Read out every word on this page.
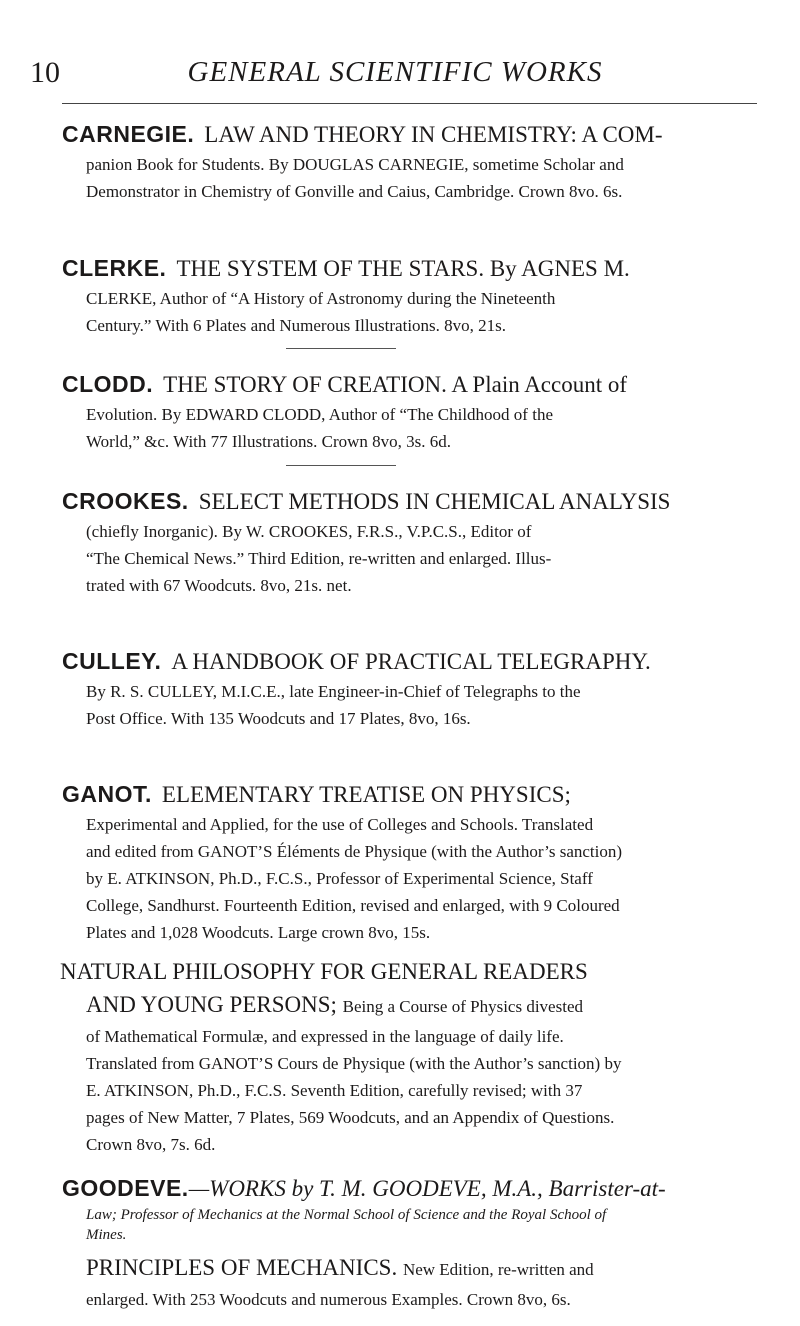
10	GENERAL SCIENTIFIC WORKS
CARNEGIE. LAW AND THEORY IN CHEMISTRY: A COM-
panion Book for Students. By DOUGLAS CARNEGIE, sometime Scholar and
Demonstrator in Chemistry of Gonville and Caius, Cambridge. Crown 8vo. 6s.
CLERKE. THE SYSTEM OF THE STARS. By AGNES M.
CLERKE, Author of “A History of Astronomy during the Nineteenth
Century.” With 6 Plates and Numerous Illustrations. 8vo, 21s.
CLODD. THE STORY OF CREATION. A Plain Account of
Evolution. By EDWARD CLODD, Author of “The Childhood of the
World,” &c. With 77 Illustrations. Crown 8vo, 3s. 6d.
CROOKES. SELECT METHODS IN CHEMICAL ANALYSIS
(chiefly Inorganic). By W. CROOKES, F.R.S., V.P.C.S., Editor of
“The Chemical News.” Third Edition, re-written and enlarged. Illus-
trated with 67 Woodcuts. 8vo, 21s. net.
CULLEY. A HANDBOOK OF PRACTICAL TELEGRAPHY.
By R. S. CULLEY, M.I.C.E., late Engineer-in-Chief of Telegraphs to the
Post Office. With 135 Woodcuts and 17 Plates, 8vo, 16s.
GANOT. ELEMENTARY TREATISE ON PHYSICS;
Experimental and Applied, for the use of Colleges and Schools. Translated
and edited from GANOT’S Éléments de Physique (with the Author’s sanction)
by E. ATKINSON, Ph.D., F.C.S., Professor of Experimental Science, Staff
College, Sandhurst. Fourteenth Edition, revised and enlarged, with 9 Coloured
Plates and 1,028 Woodcuts. Large crown 8vo, 15s.
NATURAL PHILOSOPHY FOR GENERAL READERS
AND YOUNG PERSONS; Being a Course of Physics divested
of Mathematical Formulæ, and expressed in the language of daily life.
Translated from GANOT’S Cours de Physique (with the Author’s sanction) by
E. ATKINSON, Ph.D., F.C.S. Seventh Edition, carefully revised; with 37
pages of New Matter, 7 Plates, 569 Woodcuts, and an Appendix of Questions.
Crown 8vo, 7s. 6d.
GOODEVE.—WORKS by T. M. GOODEVE, M.A., Barrister-at-
Law; Professor of Mechanics at the Normal School of Science and the Royal School of
Mines.
PRINCIPLES OF MECHANICS. New Edition, re-written and
enlarged. With 253 Woodcuts and numerous Examples. Crown 8vo, 6s.
